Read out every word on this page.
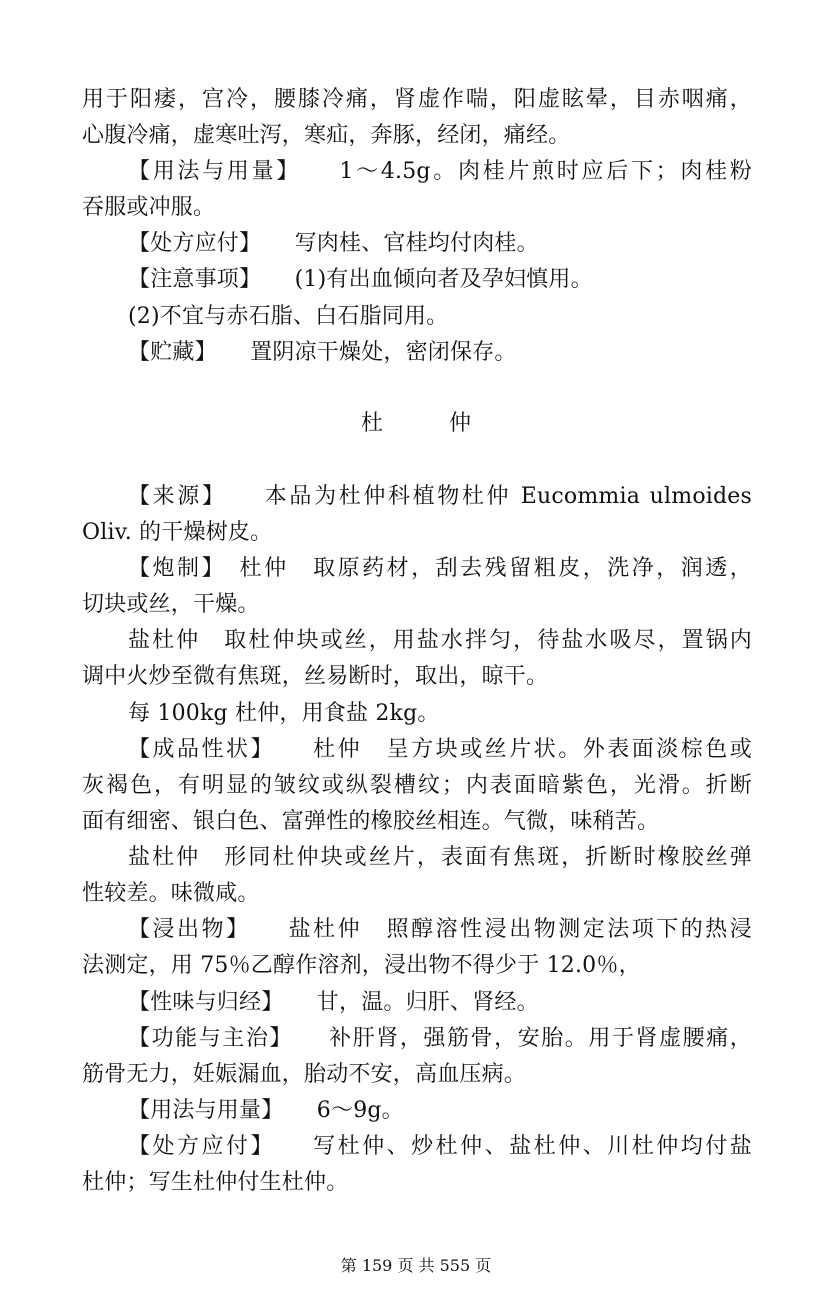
用于阳痿，宫冷，腰膝冷痛，肾虚作喘，阳虚眩晕，目赤咽痛，
心腹冷痛，虚寒吐泻，寒疝，奔豚，经闭，痛经。
【用法与用量】　　1～4.5g。肉桂片煎时应后下；肉桂粉
吞服或冲服。
【处方应付】　　写肉桂、官桂均付肉桂。
【注意事项】　　(1)有出血倾向者及孕妇慎用。
(2)不宜与赤石脂、白石脂同用。
【贮藏】　　置阴凉干燥处，密闭保存。
杜　　　仲
【来源】　　本品为杜仲科植物杜仲 Eucommia ulmoides
Oliv. 的干燥树皮。
【炮制】　杜仲　取原药材，刮去残留粗皮，洗净，润透，
切块或丝，干燥。
盐杜仲　取杜仲块或丝，用盐水拌匀，待盐水吸尽，置锅内
调中火炒至微有焦斑，丝易断时，取出，晾干。
每 100kg 杜仲，用食盐 2kg。
【成品性状】　　杜仲　呈方块或丝片状。外表面淡棕色或
灰褐色，有明显的皱纹或纵裂槽纹；内表面暗紫色，光滑。折断
面有细密、银白色、富弹性的橡胶丝相连。气微，味稍苦。
盐杜仲　形同杜仲块或丝片，表面有焦斑，折断时橡胶丝弹
性较差。味微咸。
【浸出物】　　盐杜仲　照醇溶性浸出物测定法项下的热浸
法测定，用 75％乙醇作溶剂，浸出物不得少于 12.0％，
【性味与归经】　　甘，温。归肝、肾经。
【功能与主治】　　补肝肾，强筋骨，安胎。用于肾虚腰痛，
筋骨无力，妊娠漏血，胎动不安，高血压病。
【用法与用量】　　6～9g。
【处方应付】　　写杜仲、炒杜仲、盐杜仲、川杜仲均付盐
杜仲；写生杜仲付生杜仲。
第 159 页 共 555 页
